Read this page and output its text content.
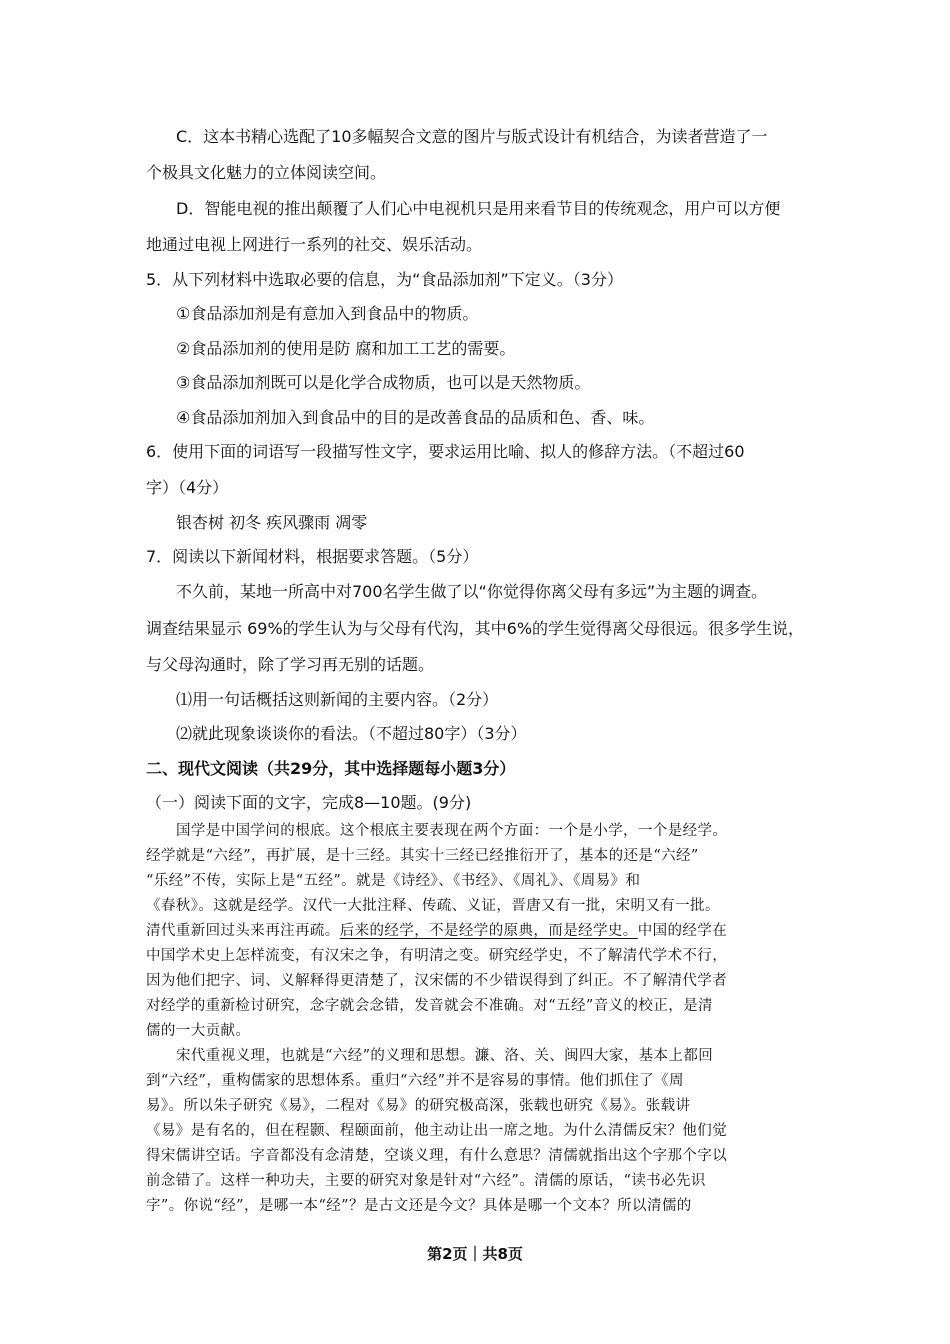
C．这本书精心选配了10多幅契合文意的图片与版式设计有机结合，为读者营造了一
个极具文化魅力的立体阅读空间。
D．智能电视的推出颠覆了人们心中电视机只是用来看节目的传统观念，用户可以方便
地通过电视上网进行一系列的社交、娱乐活动。
5．从下列材料中选取必要的信息，为“食品添加剂”下定义。（3分）
①食品添加剂是有意加入到食品中的物质。
②食品添加剂的使用是防 腐和加工工艺的需要。
③食品添加剂既可以是化学合成物质，也可以是天然物质。
④食品添加剂加入到食品中的目的是改善食品的品质和色、香、味。
6．使用下面的词语写一段描写性文字，要求运用比喻、拟人的修辞方法。（不超过60
字）（4分）
银杏树 初冬 疾风骤雨 凋零
7．阅读以下新闻材料，根据要求答题。（5分）
不久前，某地一所高中对700名学生做了以“你觉得你离父母有多远”为主题的调查。
调查结果显示 69%的学生认为与父母有代沟，其中6%的学生觉得离父母很远。很多学生说，
与父母沟通时，除了学习再无别的话题。
⑴用一句话概括这则新闻的主要内容。（2分）
⑵就此现象谈谈你的看法。（不超过80字）（3分）
二、现代文阅读（共29分，其中选择题每小题3分）
（一）阅读下面的文字，完成8—10题。(9分)
国学是中国学问的根底。这个根底主要表现在两个方面：一个是小学，一个是经学。
经学就是“六经”，再扩展，是十三经。其实十三经已经推衍开了，基本的还是“六经”
“乐经”不传，实际上是“五经”。就是《诗经》、《书经》、《周礼》、《周易》和
《春秋》。这就是经学。汉代一大批注释、传疏、义证，晋唐又有一批，宋明又有一批。
清代重新回过头来再注再疏。后来的经学，不是经学的原典，而是经学史。中国的经学在
中国学术史上怎样流变，有汉宋之争，有明清之变。研究经学史，不了解清代学术不行，
因为他们把字、词、义解释得更清楚了，汉宋儒的不少错误得到了纠正。不了解清代学者
对经学的重新检讨研究，念字就会念错，发音就会不准确。对“五经”音义的校正，是清
儒的一大贡献。
宋代重视义理，也就是“六经”的义理和思想。濂、洛、关、闽四大家，基本上都回
到“六经”，重构儒家的思想体系。重归“六经”并不是容易的事情。他们抓住了《周
易》。所以朱子研究《易》，二程对《易》的研究极高深，张载也研究《易》。张载讲
《易》是有名的，但在程颢、程颐面前，他主动让出一席之地。为什么清儒反宋？他们觉
得宋儒讲空话。字音都没有念清楚，空谈义理，有什么意思？清儒就指出这个字那个字以
前念错了。这样一种功夫，主要的研究对象是针对“六经”。清儒的原话，“读书必先识
字”。你说“经”，是哪一本“经”？是古文还是今文？具体是哪一个文本？所以清儒的
第2页｜共8页
